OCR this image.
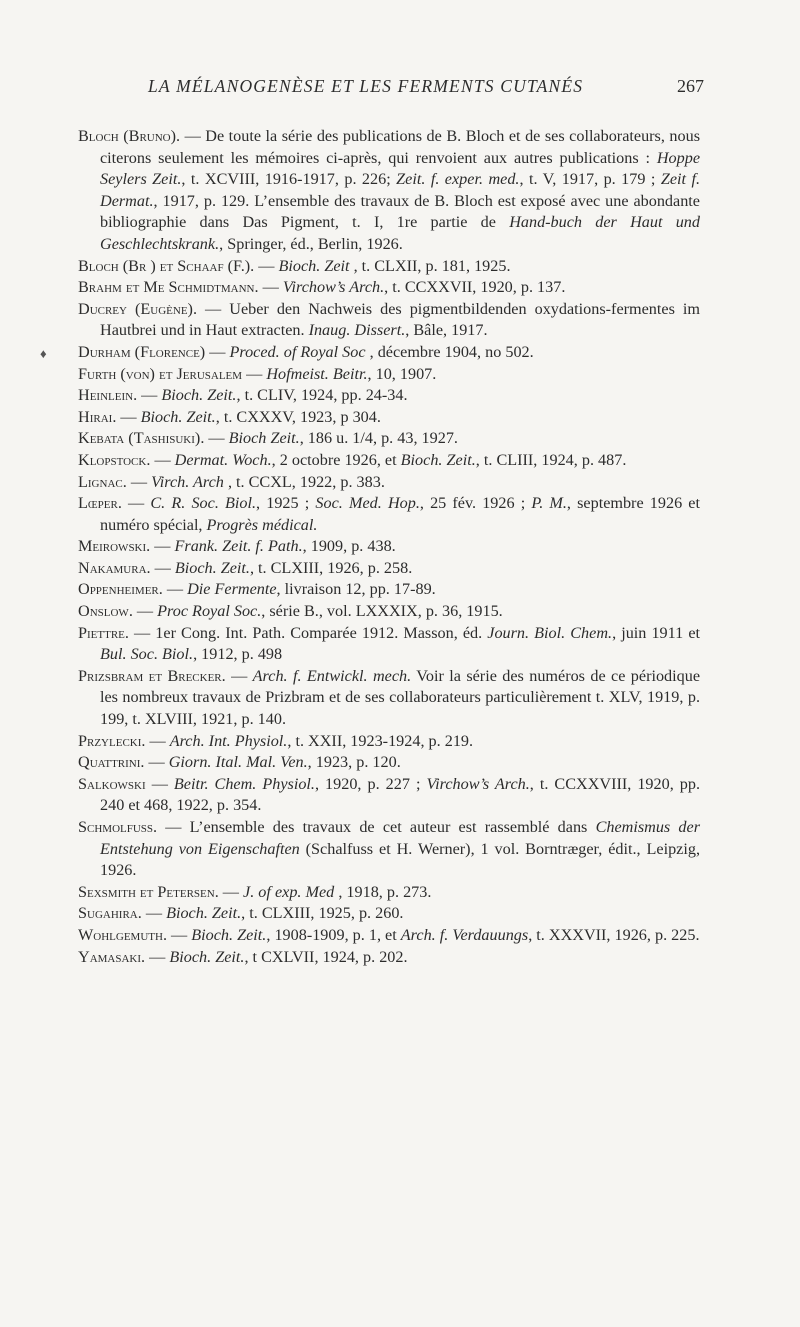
LA MÉLANOGENÈSE ET LES FERMENTS CUTANÉS	267
♦

Bloch (Bruno). — De toute la série des publications de B. Bloch et de ses collaborateurs, nous citerons seulement les mémoires ci-après, qui renvoient aux autres publications : Hoppe Seylers Zeit., t. XCVIII, 1916-1917, p. 226; Zeit. f. exper. med., t. V, 1917, p. 179 ; Zeit f. Dermat., 1917, p. 129. L’ensemble des travaux de B. Bloch est exposé avec une abondante bibliographie dans Das Pigment, t. I, 1re partie de Hand-buch der Haut und Geschlechtskrank., Springer, éd., Berlin, 1926.

Bloch (Br ) et Schaaf (F.). — Bioch. Zeit , t. CLXII, p. 181, 1925.

Brahm et Me Schmidtmann. — Virchow’s Arch., t. CCXXVII, 1920, p. 137.

Ducrey (Eugène). — Ueber den Nachweis des pigmentbildenden oxydations-fermentes im Hautbrei und in Haut extracten. Inaug. Dissert., Bâle, 1917.

Durham (Florence) — Proced. of Royal Soc , décembre 1904, no 502.

Furth (von) et Jerusalem — Hofmeist. Beitr., 10, 1907.

Heinlein. — Bioch. Zeit., t. CLIV, 1924, pp. 24-34.

Hirai. — Bioch. Zeit., t. CXXXV, 1923, p 304.

Kebata (Tashisuki). — Bioch Zeit., 186 u. 1/4, p. 43, 1927.

Klopstock. — Dermat. Woch., 2 octobre 1926, et Bioch. Zeit., t. CLIII, 1924, p. 487.

Lignac. — Virch. Arch , t. CCXL, 1922, p. 383.

Lœper. — C. R. Soc. Biol., 1925 ; Soc. Med. Hop., 25 fév. 1926 ; P. M., septembre 1926 et numéro spécial, Progrès médical.

Meirowski. — Frank. Zeit. f. Path., 1909, p. 438.

Nakamura. — Bioch. Zeit., t. CLXIII, 1926, p. 258.

Oppenheimer. — Die Fermente, livraison 12, pp. 17-89.

Onslow. — Proc Royal Soc., série B., vol. LXXXIX, p. 36, 1915.

Piettre. — 1er Cong. Int. Path. Comparée 1912. Masson, éd. Journ. Biol. Chem., juin 1911 et Bul. Soc. Biol., 1912, p. 498

Prizsbram et Brecker. — Arch. f. Entwickl. mech. Voir la série des numéros de ce périodique les nombreux travaux de Prizbram et de ses collaborateurs particulièrement t. XLV, 1919, p. 199, t. XLVIII, 1921, p. 140.

Przylecki. — Arch. Int. Physiol., t. XXII, 1923-1924, p. 219.

Quattrini. — Giorn. Ital. Mal. Ven., 1923, p. 120.

Salkowski — Beitr. Chem. Physiol., 1920, p. 227 ; Virchow’s Arch., t. CCXXVIII, 1920, pp. 240 et 468, 1922, p. 354.

Schmolfuss. — L’ensemble des travaux de cet auteur est rassemblé dans Chemismus der Entstehung von Eigenschaften (Schalfuss et H. Werner), 1 vol. Borntræger, édit., Leipzig, 1926.

Sexsmith et Petersen. — J. of exp. Med , 1918, p. 273.

Sugahira. — Bioch. Zeit., t. CLXIII, 1925, p. 260.

Wohlgemuth. — Bioch. Zeit., 1908-1909, p. 1, et Arch. f. Verdauungs, t. XXXVII, 1926, p. 225.

Yamasaki. — Bioch. Zeit., t CXLVII, 1924, p. 202.
